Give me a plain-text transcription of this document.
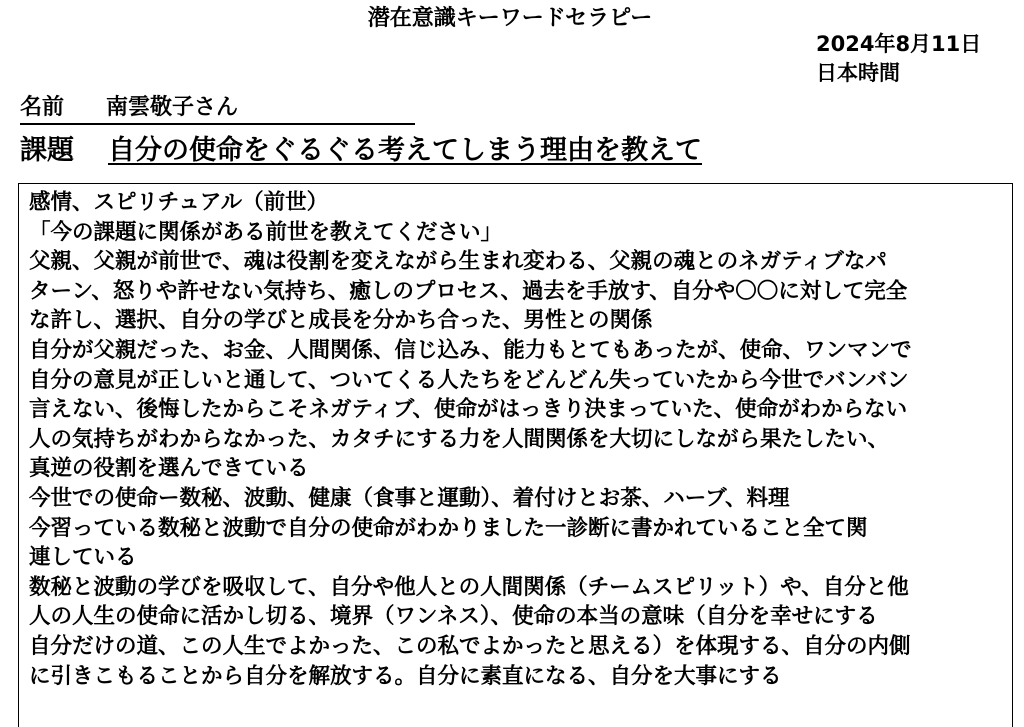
潜在意識キーワードセラピー
2024年8月11日
日本時間
名前 南雲敬子さん
課題 自分の使命をぐるぐる考えてしまう理由を教えて
感情、スピリチュアル（前世）
「今の課題に関係がある前世を教えてください」
父親、父親が前世で、魂は役割を変えながら生まれ変わる、父親の魂とのネガティブなパ
ターン、怒りや許せない気持ち、癒しのプロセス、過去を手放す、自分や〇〇に対して完全
な許し、選択、自分の学びと成長を分かち合った、男性との関係
自分が父親だった、お金、人間関係、信じ込み、能力もとてもあったが、使命、ワンマンで
自分の意見が正しいと通して、ついてくる人たちをどんどん失っていたから今世でバンバン
言えない、後悔したからこそネガティブ、使命がはっきり決まっていた、使命がわからない
人の気持ちがわからなかった、カタチにする力を人間関係を大切にしながら果たしたい、
真逆の役割を選んできている
今世での使命ー数秘、波動、健康（食事と運動）、着付けとお茶、ハーブ、料理
今習っている数秘と波動で自分の使命がわかりました一診断に書かれていること全て関
連している
数秘と波動の学びを吸収して、自分や他人との人間関係（チームスピリット）や、自分と他
人の人生の使命に活かし切る、境界（ワンネス）、使命の本当の意味（自分を幸せにする
自分だけの道、この人生でよかった、この私でよかったと思える）を体現する、自分の内側
に引きこもることから自分を解放する。自分に素直になる、自分を大事にする
